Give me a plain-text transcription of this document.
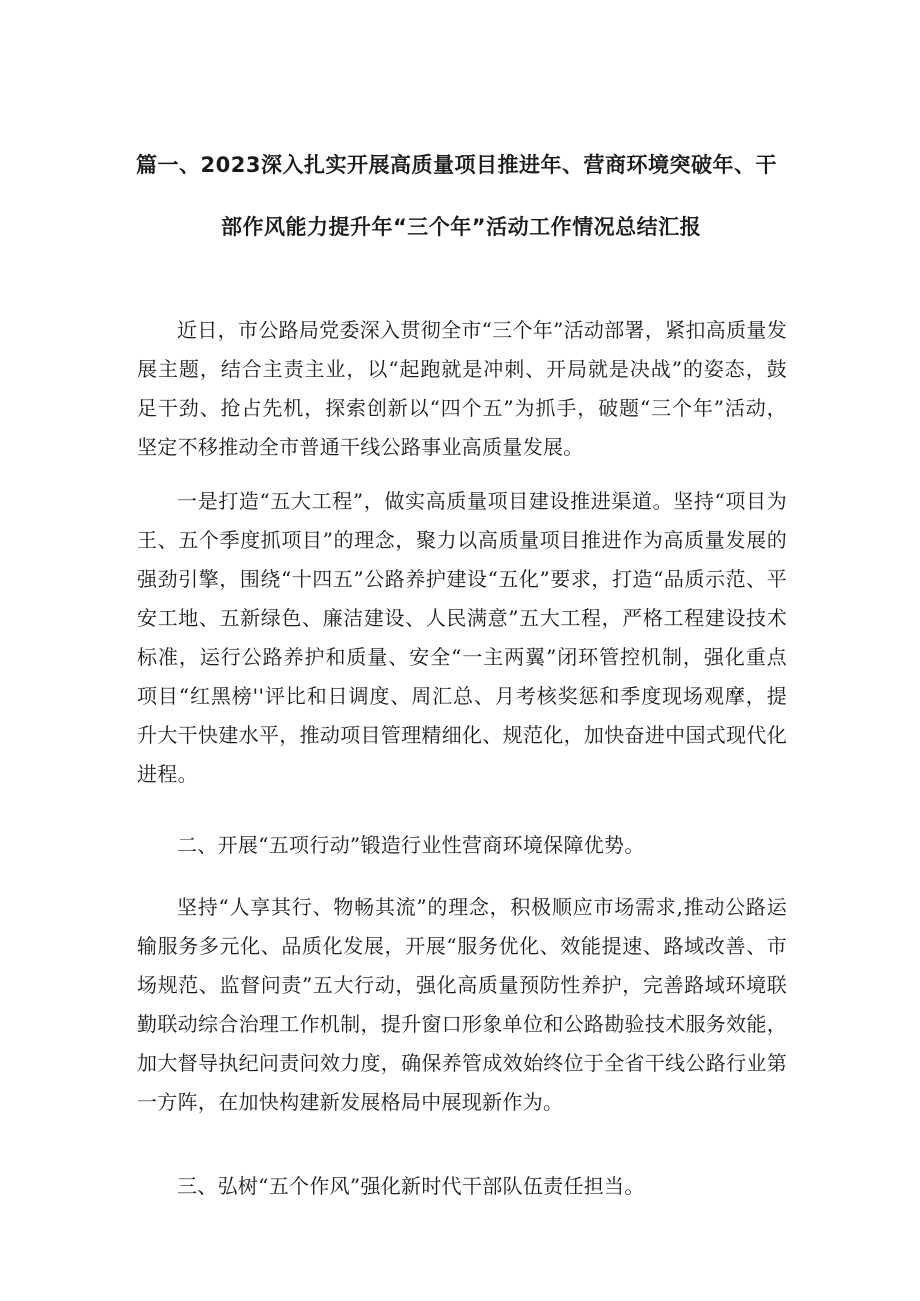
篇一、2023深入扎实开展高质量项目推进年、营商环境突破年、干
部作风能力提升年“三个年”活动工作情况总结汇报

近日，市公路局党委深入贯彻全市“三个年”活动部署，紧扣高质量发展主题，结合主责主业，以“起跑就是冲刺、开局就是决战”的姿态，鼓足干劲、抢占先机，探索创新以“四个五”为抓手，破题“三个年”活动，坚定不移推动全市普通干线公路事业高质量发展。

一是打造“五大工程”，做实高质量项目建设推进渠道。坚持“项目为王、五个季度抓项目”的理念，聚力以高质量项目推进作为高质量发展的强劲引擎，围绕“十四五”公路养护建设“五化”要求，打造“品质示范、平安工地、五新绿色、廉洁建设、人民满意”五大工程，严格工程建设技术标准，运行公路养护和质量、安全“一主两翼”闭环管控机制，强化重点项目“红黑榜''评比和日调度、周汇总、月考核奖惩和季度现场观摩，提升大干快建水平，推动项目管理精细化、规范化，加快奋进中国式现代化进程。

二、开展“五项行动”锻造行业性营商环境保障优势。

坚持“人享其行、物畅其流”的理念，积极顺应市场需求,推动公路运输服务多元化、品质化发展，开展“服务优化、效能提速、路域改善、市场规范、监督问责”五大行动，强化高质量预防性养护，完善路域环境联勤联动综合治理工作机制，提升窗口形象单位和公路勘验技术服务效能，加大督导执纪问责问效力度，确保养管成效始终位于全省干线公路行业第一方阵，在加快构建新发展格局中展现新作为。

三、弘树“五个作风”强化新时代干部队伍责任担当。
